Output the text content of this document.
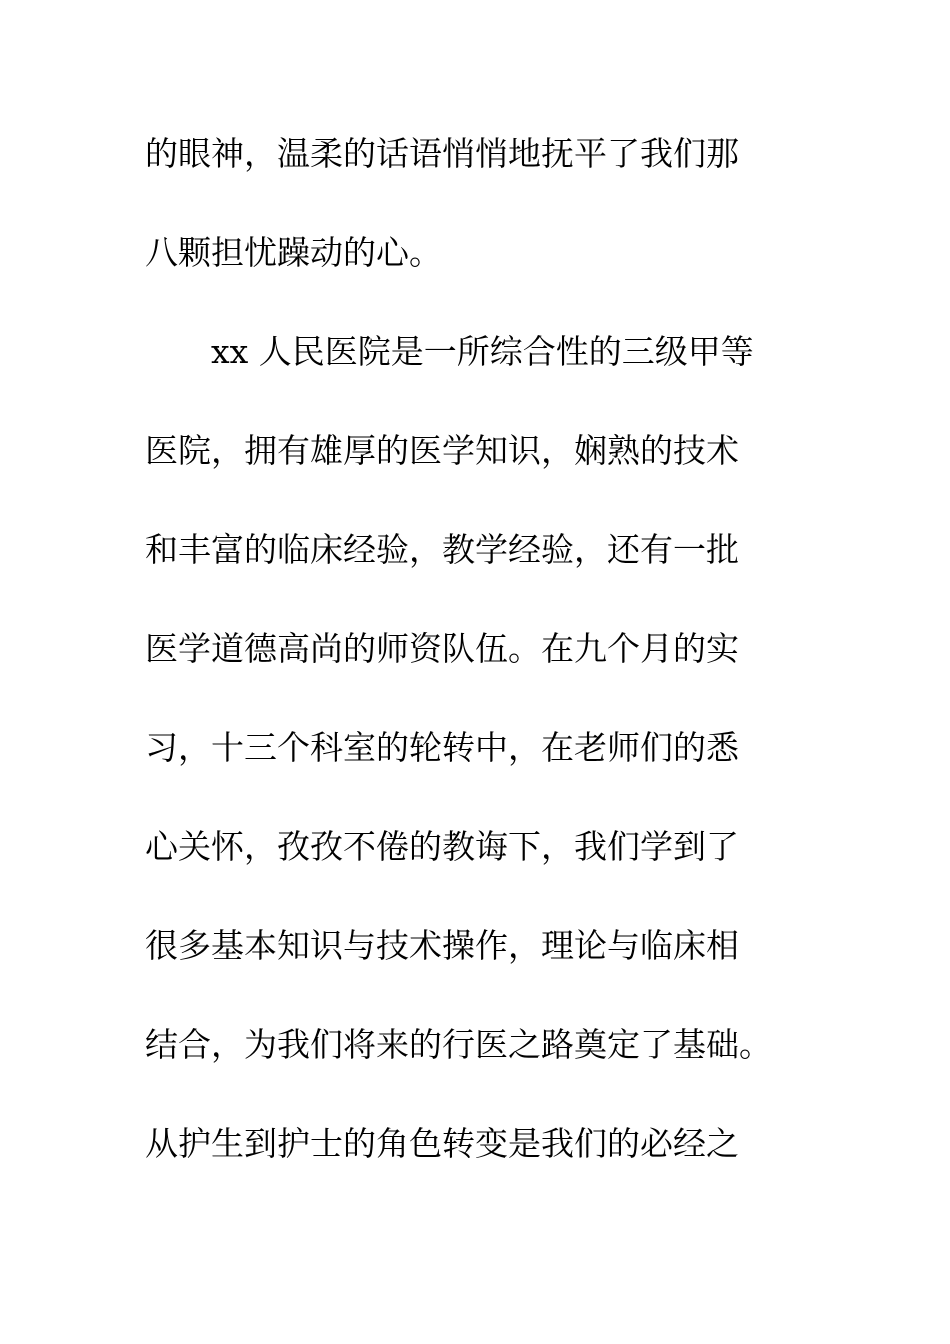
的眼神，温柔的话语悄悄地抚平了我们那
八颗担忧躁动的心。
xx 人民医院是一所综合性的三级甲等
医院，拥有雄厚的医学知识，娴熟的技术
和丰富的临床经验，教学经验，还有一批
医学道德高尚的师资队伍。在九个月的实
习，十三个科室的轮转中，在老师们的悉
心关怀，孜孜不倦的教诲下，我们学到了
很多基本知识与技术操作，理论与临床相
结合，为我们将来的行医之路奠定了基础。
从护生到护士的角色转变是我们的必经之
